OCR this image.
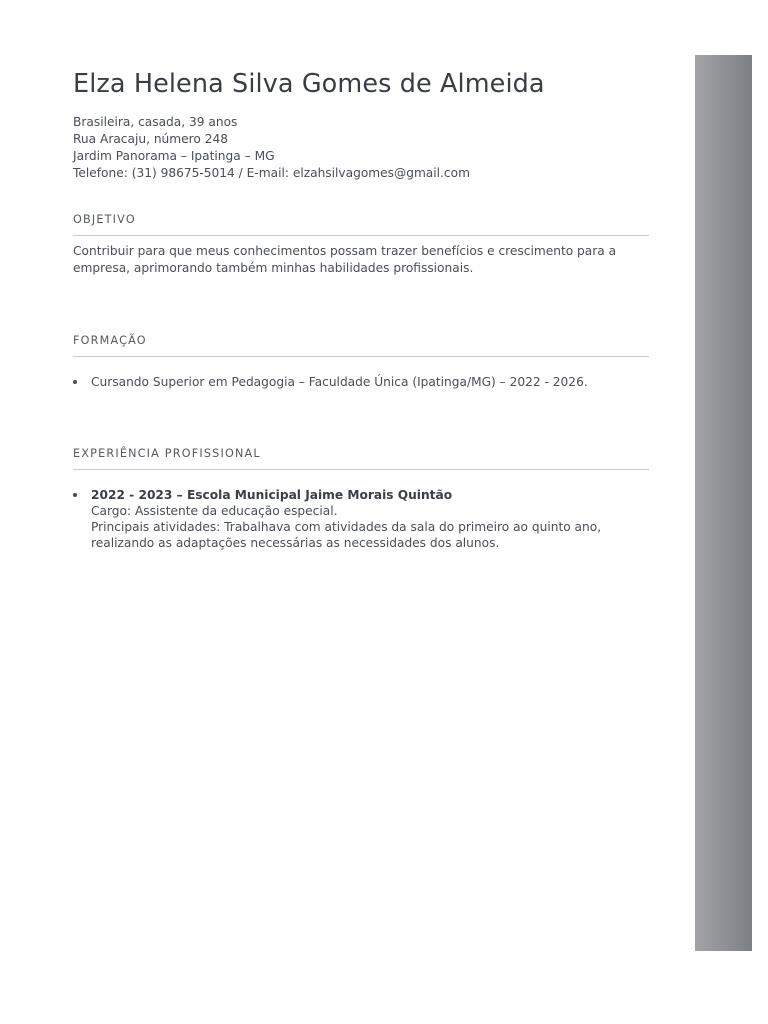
Elza Helena Silva Gomes de Almeida
Brasileira, casada, 39 anos
Rua Aracaju, número 248
Jardim Panorama – Ipatinga – MG
Telefone: (31) 98675-5014 / E-mail: elzahsilvagomes@gmail.com
OBJETIVO
Contribuir para que meus conhecimentos possam trazer benefícios e crescimento para a empresa, aprimorando também minhas habilidades profissionais.
FORMAÇÃO
Cursando Superior em Pedagogia – Faculdade Única (Ipatinga/MG) – 2022 - 2026.
EXPERIÊNCIA PROFISSIONAL
2022 - 2023 – Escola Municipal Jaime Morais Quintão
Cargo: Assistente da educação especial.
Principais atividades: Trabalhava com atividades da sala do primeiro ao quinto ano, realizando as adaptações necessárias as necessidades dos alunos.
